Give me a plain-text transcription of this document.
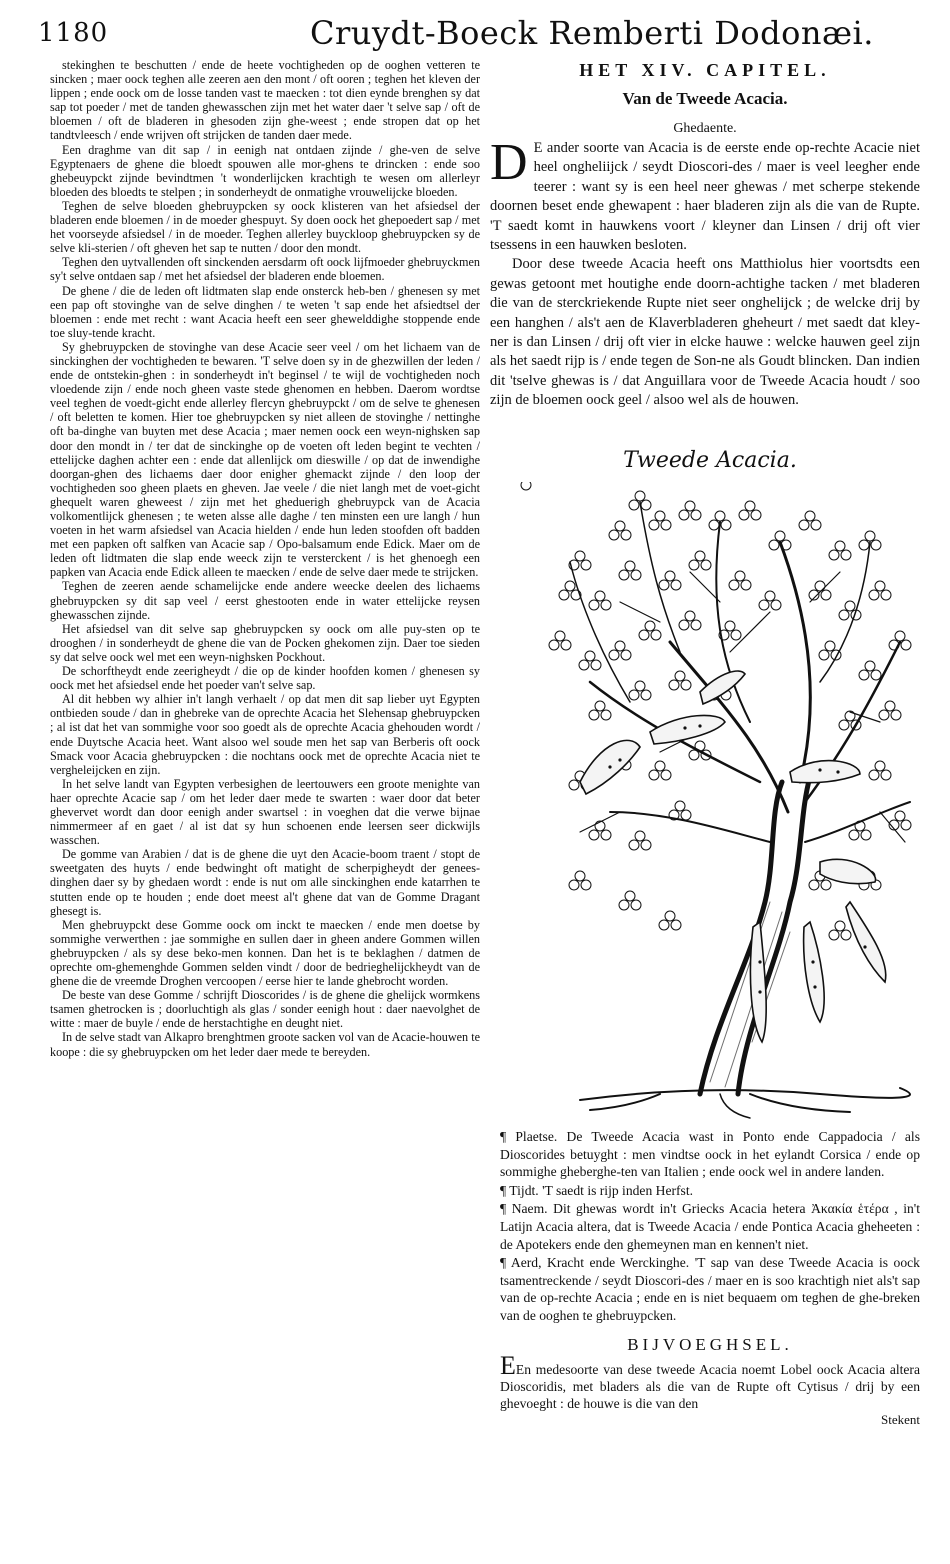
1180	Cruydt-Boeck Remberti Dodonæi.

stekinghen te beschutten / ende de heete vochtigheden op de ooghen vetteren te sincken ; maer oock teghen alle zeeren aen den mont / oft ooren ; teghen het kleven der lippen ; ende oock om de losse tanden vast te maecken : tot dien eynde brenghen sy dat sap tot poeder / met de tanden ghewasschen zijn met het water daer 't selve sap / oft de bloemen / oft de bladeren in ghesoden zijn ghe-weest ; ende stropen dat op het tandtvleesch / ende wrijven oft strijcken de tanden daer mede.

Een draghme van dit sap / in eenigh nat ontdaen zijnde / ghe-ven de selve Egyptenaers de ghene die bloedt spouwen alle mor-ghens te drincken : ende soo ghebeuypckt zijnde bevindtmen 't wonderlijcken krachtigh te wesen om allerleyr bloeden des bloedts te stelpen ; in sonderheydt de onmatighe vrouwelijcke bloeden.

Teghen de selve bloeden ghebruypcken sy oock klisteren van het afsiedsel der bladeren ende bloemen / in de moeder ghespuyt. Sy doen oock het ghepoedert sap / met het voorseyde afsiedsel / in de moeder. Teghen allerley buyckloop ghebruypcken sy de selve kli-sterien / oft gheven het sap te nutten / door den mondt.

Teghen den uytvallenden oft sinckenden aersdarm oft oock lijfmoeder ghebruyckmen sy't selve ontdaen sap / met het afsiedsel der bladeren ende bloemen.

De ghene / die de leden oft lidtmaten slap ende onsterck heb-ben / ghenesen sy met een pap oft stovinghe van de selve dinghen / te weten 't sap ende het afsiedtsel der bloemen : ende met recht : want Acacia heeft een seer ghewelddighe stoppende ende toe sluy-tende kracht.

Sy ghebruypcken de stovinghe van dese Acacie seer veel / om het lichaem van de sinckinghen der vochtigheden te bewaren. 'T selve doen sy in de ghezwillen der leden / ende de ontstekin-ghen : in sonderheydt in't beginsel / te wijl de vochtigheden noch vloedende zijn / ende noch gheen vaste stede ghenomen en hebben. Daerom wordtse veel teghen de voedt-gicht ende allerley flercyn ghebruypckt / om de selve te ghenesen / oft beletten te komen. Hier toe ghebruypcken sy niet alleen de stovinghe / nettinghe oft ba-dinghe van buyten met dese Acacia ; maer nemen oock een weyn-nighsken sap door den mondt in / ter dat de sinckinghe op de voeten oft leden begint te vechten / ettelijcke daghen achter een : ende dat allenlijck om dieswille / op dat de inwendighe doorgan-ghen des lichaems daer door enigher ghemackt zijnde / den loop der vochtigheden soo gheen plaets en gheven. Jae veele / die niet langh met de voet-gicht ghequelt waren gheweest / zijn met het gheduerigh ghebruypck van de Acacia volkomentlijck ghenesen ; te weten alsse alle daghe / ten minsten een ure langh / hun voeten in het warm afsiedsel van Acacia hielden / ende hun leden stoofden oft badden met een papken oft salfken van Acacie sap / Opo-balsamum ende Edick. Maer om de leden oft lidtmaten die slap ende weeck zijn te versterckent / is het ghenoegh een papken van Acacia ende Edick alleen te maecken / ende de selve daer mede te strijcken.

Teghen de zeeren aende schamelijcke ende andere weecke deelen des lichaems ghebruypcken sy dit sap veel / eerst ghestooten ende in water ettelijcke reysen ghewasschen zijnde.

Het afsiedsel van dit selve sap ghebruypcken sy oock om alle puy-sten op te drooghen / in sonderheydt de ghene die van de Pocken ghekomen zijn. Daer toe sieden sy dat selve oock wel met een weyn-nighsken Pockhout.

De schorftheydt ende zeerigheydt / die op de kinder hoofden komen / ghenesen sy oock met het afsiedsel ende het poeder van't selve sap.

Al dit hebben wy alhier in't langh verhaelt / op dat men dit sap lieber uyt Egypten ontbieden soude / dan in ghebreke van de oprechte Acacia het Slehensap ghebruypcken ; al ist dat het van sommighe voor soo goedt als de oprechte Acacia ghehouden wordt / ende Duytsche Acacia heet. Want alsoo wel soude men het sap van Berberis oft oock Smack voor Acacia ghebruypcken : die nochtans oock met de oprechte Acacia niet te vergheleijcken en zijn.

In het selve landt van Egypten verbesighen de leertouwers een groote menighte van haer oprechte Acacie sap / om het leder daer mede te swarten : waer door dat beter ghevervet wordt dan door eenigh ander swartsel : in voeghen dat die verwe bijnae nimmermeer af en gaet / al ist dat sy hun schoenen ende leersen seer dickwijls wasschen.

De gomme van Arabien / dat is de ghene die uyt den Acacie-boom traent / stopt de sweetgaten des huyts / ende bedwinght oft matight de scherpigheydt der genees-dinghen daer sy by ghedaen wordt : ende is nut om alle sinckinghen ende katarrhen te stutten ende op te houden ; ende doet meest al't ghene dat van de Gomme Dragant ghesegt is.

Men ghebruypckt dese Gomme oock om inckt te maecken / ende men doetse by sommighe verwerthen : jae sommighe en sullen daer in gheen andere Gommen willen ghebruypcken / als sy dese beko-men konnen. Dan het is te beklaghen / datmen de oprechte om-ghemenghde Gommen selden vindt / door de bedrieghelijckheydt van de ghene die de vreemde Droghen vercoopen / eerse hier te lande ghebrocht worden.

De beste van dese Gomme / schrijft Dioscorides / is de ghene die ghelijck wormkens tsamen ghetrocken is ; doorluchtigh als glas / sonder eenigh hout : daer naevolghet de witte : maer de buyle / ende de herstachtighe en deught niet.

In de selve stadt van Alkapro brenghtmen groote sacken vol van de Acacie-houwen te koope : die sy ghebruypcken om het leder daer mede te bereyden.

HET XIV. CAPITEL.
Van de Tweede Acacia.
Ghedaente.

D E ander soorte van Acacia is de eerste ende op-rechte Acacie niet heel ongheliijck / seydt Dioscori-des / maer is veel leegher ende teerer : want sy is een heel neer ghewas / met scherpe stekende doornen beset ende ghewapent : haer bladeren zijn als die van de Rupte. 'T saedt komt in hauwkens voort / kleyner dan Linsen / drij oft vier tsessens in een hauwken besloten.

Door dese tweede Acacia heeft ons Matthiolus hier voortsdts een gewas getoont met houtighe ende doorn-achtighe tacken / met bladeren die van de sterckriekende Rupte niet seer onghelijck ; de welcke drij by een hanghen / als't aen de Klaverbladeren gheheurt / met saedt dat kley-ner is dan Linsen / drij oft vier in elcke hauwe : welcke hauwen geel zijn als het saedt rijp is / ende tegen de Son-ne als Goudt blincken. Dan indien dit 'tselve ghewas is / dat Anguillara voor de Tweede Acacia houdt / soo zijn de bloemen oock geel / alsoo wel als de houwen.

Tweede Acacia.

¶ Plaetse. De Tweede Acacia wast in Ponto ende Cappadocia / als Dioscorides betuyght : men vindtse oock in het eylandt Corsica / ende op sommighe gheberghe-ten van Italien ; ende oock wel in andere landen.

¶ Tijdt. 'T saedt is rijp inden Herfst.

¶ Naem. Dit ghewas wordt in't Griecks Acacia hetera Ἀκακία ἑτέρα , in't Latijn Acacia altera, dat is Tweede Acacia / ende Pontica Acacia gheheeten : de Apotekers ende den ghemeynen man en kennen't niet.

¶ Aerd, Kracht ende Werckinghe. 'T sap van dese Tweede Acacia is oock tsamentreckende / seydt Dioscori-des / maer en is soo krachtigh niet als't sap van de op-rechte Acacia ; ende en is niet bequaem om teghen de ghe-breken van de ooghen te ghebruypcken.

BIJVOEGHSEL.
EEn medesoorte van dese tweede Acacia noemt Lobel oock Acacia altera Dioscoridis, met bladers als die van de Rupte oft Cytisus / drij by een ghevoeght : de houwe is die van den
Stekent
